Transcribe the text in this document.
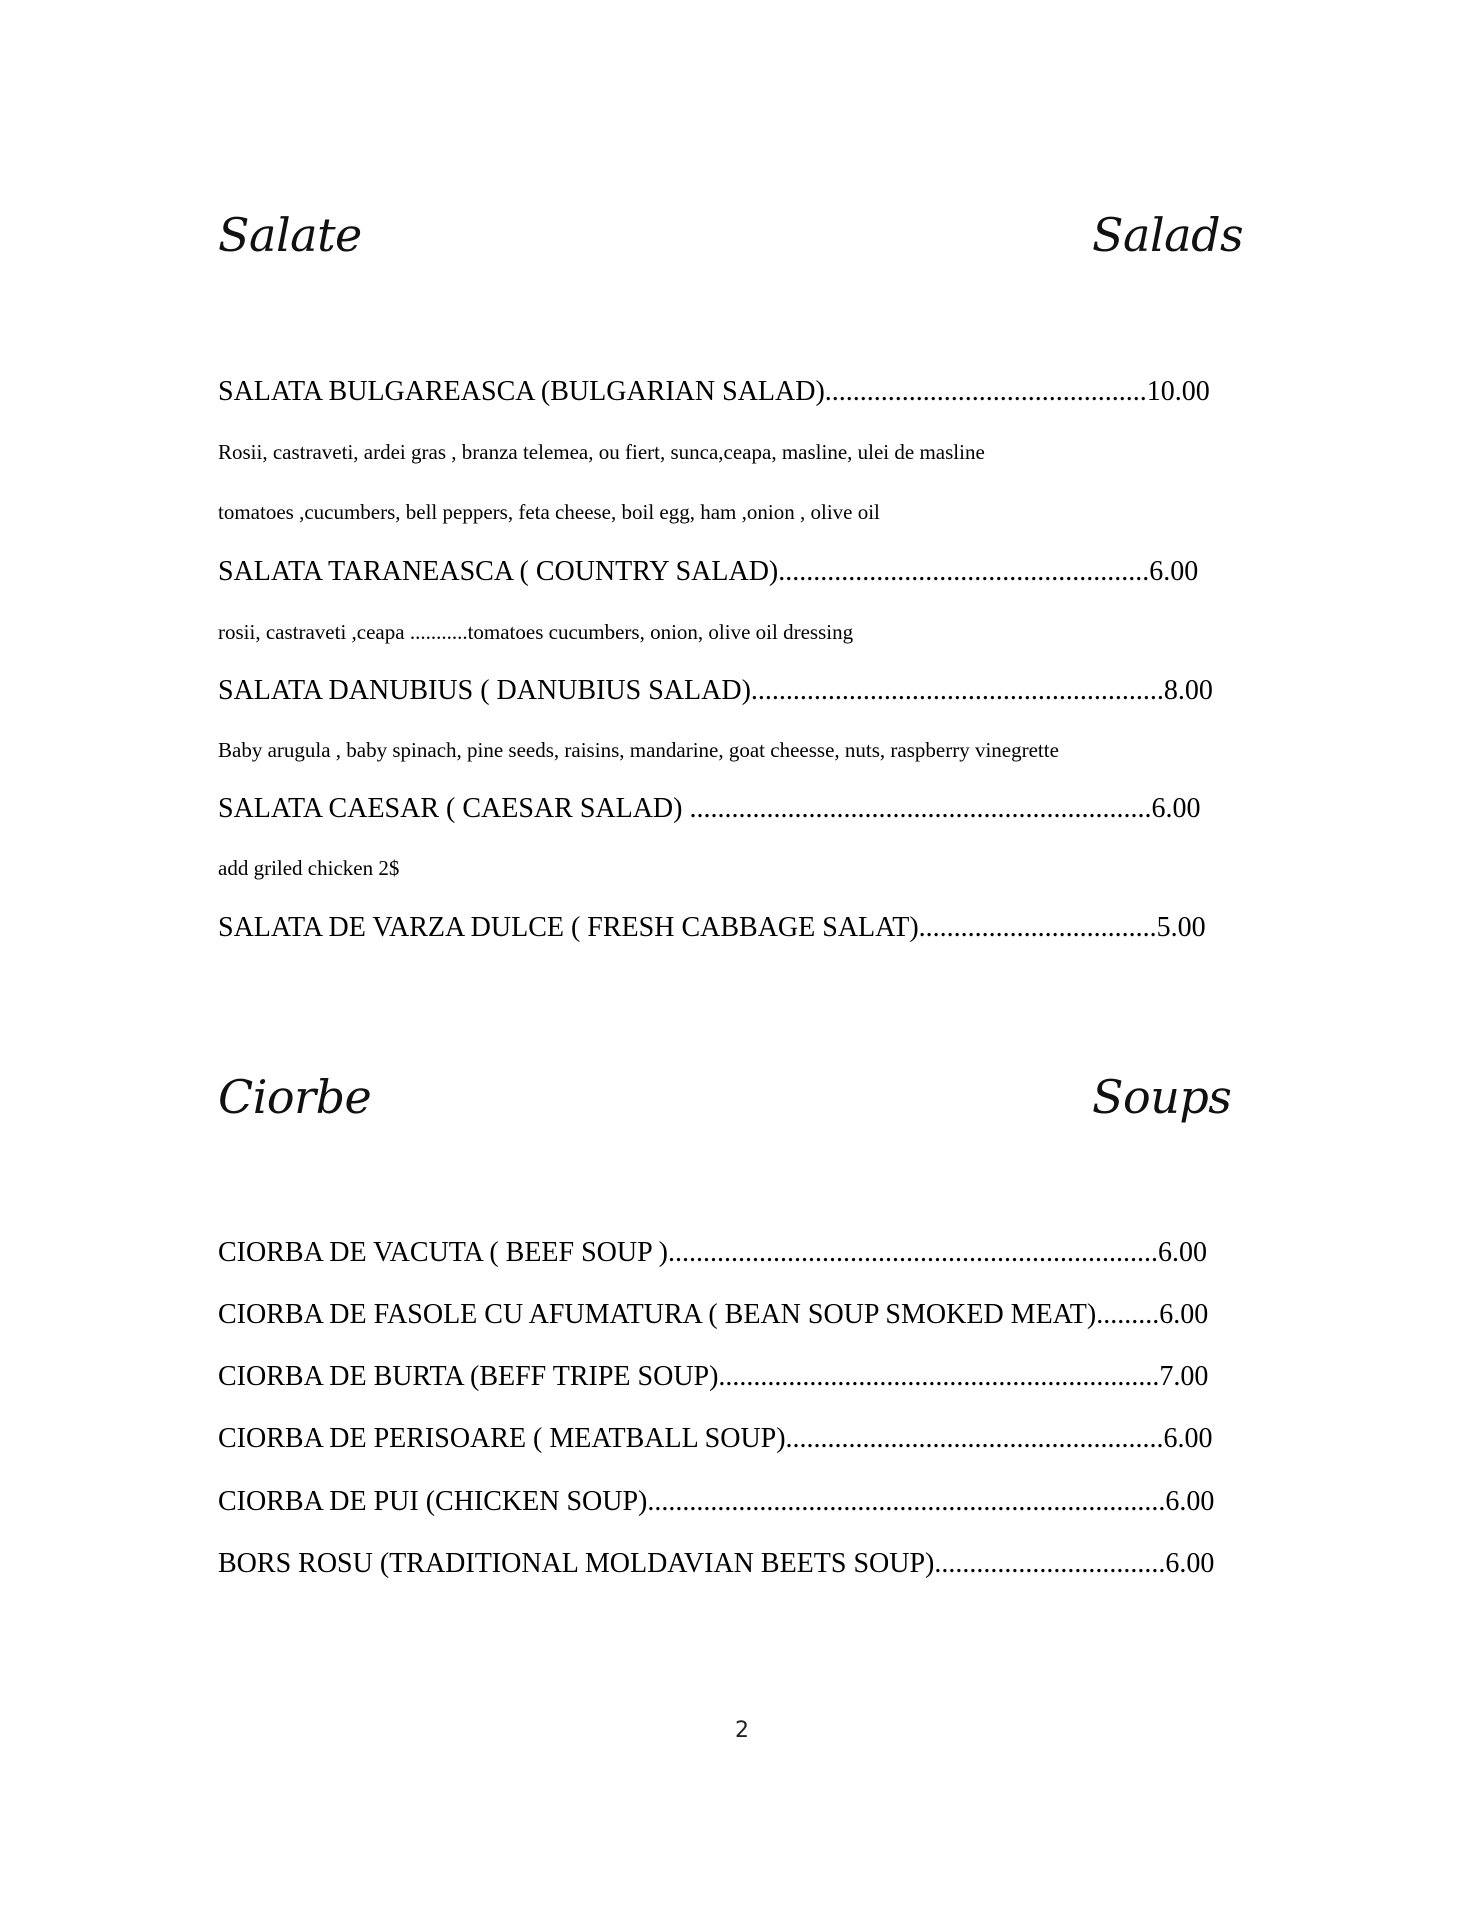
Salate	Salads
SALATA BULGAREASCA (BULGARIAN SALAD)..............................................10.00
Rosii, castraveti, ardei gras , branza telemea, ou fiert, sunca,ceapa, masline, ulei de masline
tomatoes ,cucumbers, bell peppers, feta cheese, boil egg, ham ,onion , olive oil
SALATA TARANEASCA ( COUNTRY SALAD).....................................................6.00
rosii, castraveti ,ceapa ...........tomatoes cucumbers, onion, olive oil dressing
SALATA DANUBIUS ( DANUBIUS SALAD)...........................................................8.00
Baby arugula , baby spinach, pine seeds, raisins, mandarine, goat cheesse, nuts, raspberry vinegrette
SALATA CAESAR ( CAESAR SALAD) ..................................................................6.00
add griled chicken 2$
SALATA DE VARZA DULCE ( FRESH CABBAGE SALAT)..................................5.00
Ciorbe	Soups
CIORBA DE VACUTA ( BEEF SOUP )......................................................................6.00
CIORBA DE FASOLE CU AFUMATURA ( BEAN SOUP SMOKED MEAT).........6.00
CIORBA DE BURTA (BEFF TRIPE SOUP)...............................................................7.00
CIORBA DE PERISOARE ( MEATBALL SOUP)......................................................6.00
CIORBA DE PUI (CHICKEN SOUP)..........................................................................6.00
BORS ROSU (TRADITIONAL MOLDAVIAN BEETS SOUP).................................6.00
2
